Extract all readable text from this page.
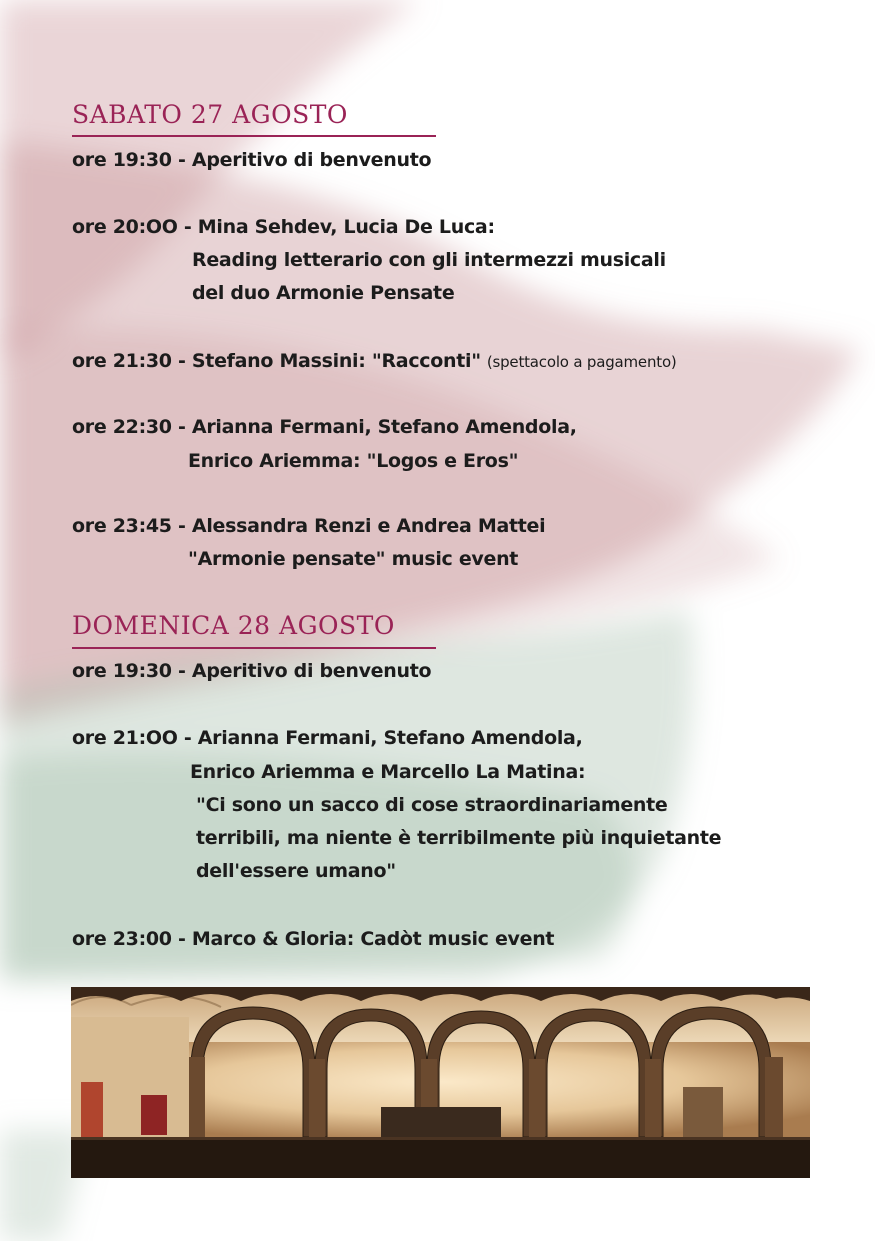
SABATO 27 AGOSTO

ore 19:30 - Aperitivo di benvenuto

ore 20:OO - Mina Sehdev, Lucia De Luca:

Reading letterario con gli intermezzi musicali

del duo Armonie Pensate

ore 21:30 - Stefano Massini: "Racconti" (spettacolo a pagamento)

ore 22:30 - Arianna Fermani, Stefano Amendola,

Enrico Ariemma: "Logos e Eros"

ore 23:45 - Alessandra Renzi e Andrea Mattei

"Armonie pensate" music event

DOMENICA 28 AGOSTO

ore 19:30 - Aperitivo di benvenuto

ore 21:OO - Arianna Fermani, Stefano Amendola,

Enrico Ariemma e Marcello La Matina:

"Ci sono un sacco di cose straordinariamente

terribili, ma niente è terribilmente più inquietante

dell'essere umano"

ore 23:00 - Marco & Gloria: Cadòt music event
